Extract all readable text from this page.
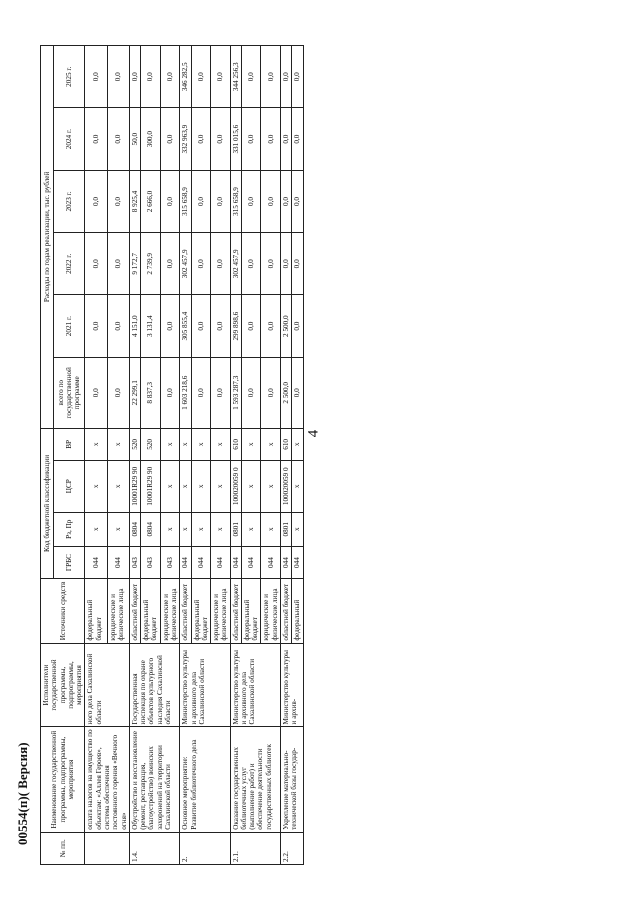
4
00554(п)( Версия)
№ пп.	Наименование государственной программы, подпрограммы, мероприятия	Исполнители государственной программы, подпрограммы, мероприятия	Источники средств	Код бюджетной классификации				Расходы по годам реализации, тыс. рублей					
				ГРБС	Рз, Пр	ЦСР	ВР	всего по государственной программе	2021 г.	2022 г.	2023 г.	2024 г.	2025 г.
	оплата налогов на имущество по объектам: «Аллея Героев», система обеспечения постоянного горения «Вечного огня»	ного дела Сахалинской области	федеральный бюджет	044	x	x	x	0,0	0,0	0,0	0,0	0,0	0,0
			юридические и физические лица	044	x	x	x	0,0	0,0	0,0	0,0	0,0	0,0
1.4.	Обустройство и восстановление (ремонт, реставрация, благоустройство) воинских захоронений на территории Сахалинской области	Государственная инспекция по охране объектов культурного наследия Сахалинской области	областной бюджет	043	0804	10001R29 90	520	22 299,1	4 151,0	9 172,7	8 925,4	50,0	0,0
			федеральный бюджет	043	0804	10001R29 90	520	8 837,3	3 131,4	2 739,9	2 666,0	300,0	0,0
			юридические и физические лица	043	x	x	x	0,0	0,0	0,0	0,0	0,0	0,0
2.	Основное мероприятие: Развитие библиотечного дела	Министерство культуры и архивного дела Сахалинской области	областной бюджет	044	x	x	x	1 603 218,6	305 855,4	302 457,9	315 658,9	332 963,9	346 282,5
			федеральный бюджет	044	x	x	x	0,0	0,0	0,0	0,0	0,0	0,0
			юридические и физические лица	044	x	x	x	0,0	0,0	0,0	0,0	0,0	0,0
2.1.	Оказание государственных библиотечных услуг (выполнение работ) и обеспечение деятельности государственных библиотек	Министерство культуры и архивного дела Сахалинской области	областной бюджет	044	0801	100020059 0	610	1 593 287,3	299 898,6	302 457,9	315 658,9	331 015,6	344 256,3
			федеральный бюджет	044	x	x	x	0,0	0,0	0,0	0,0	0,0	0,0
			юридические и физические лица	044	x	x	x	0,0	0,0	0,0	0,0	0,0	0,0
2.2.	Укрепление материально-технической базы государ-	Министерство культуры и архив-	областной бюджет	044	0801	100020059 0	610	2 500,0	2 500,0	0,0	0,0	0,0	0,0
			федеральный	044	x	x	x	0,0	0,0	0,0	0,0	0,0	0,0
